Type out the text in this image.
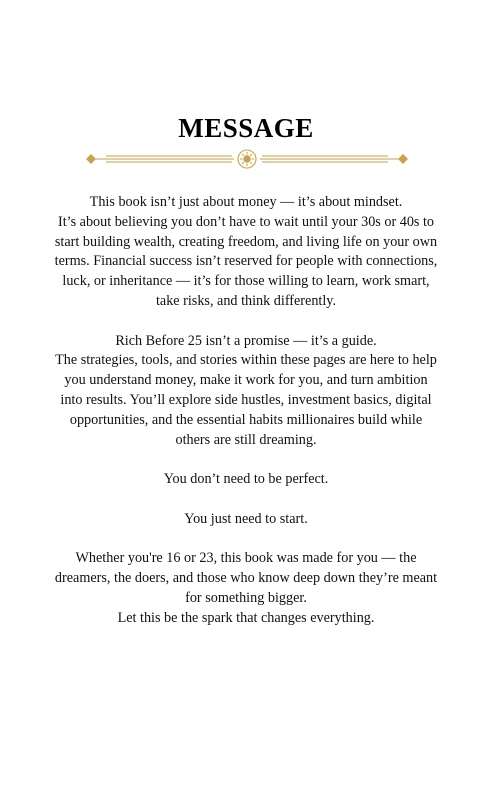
MESSAGE

This book isn’t just about money — it’s about mindset.
It’s about believing you don’t have to wait until your 30s or 40s to
start building wealth, creating freedom, and living life on your own
terms. Financial success isn’t reserved for people with connections,
luck, or inheritance — it’s for those willing to learn, work smart,
take risks, and think differently.

Rich Before 25 isn’t a promise — it’s a guide.
The strategies, tools, and stories within these pages are here to help
you understand money, make it work for you, and turn ambition
into results. You’ll explore side hustles, investment basics, digital
opportunities, and the essential habits millionaires build while
others are still dreaming.

You don’t need to be perfect.

You just need to start.

Whether you're 16 or 23, this book was made for you — the
dreamers, the doers, and those who know deep down they’re meant
for something bigger.
Let this be the spark that changes everything.
